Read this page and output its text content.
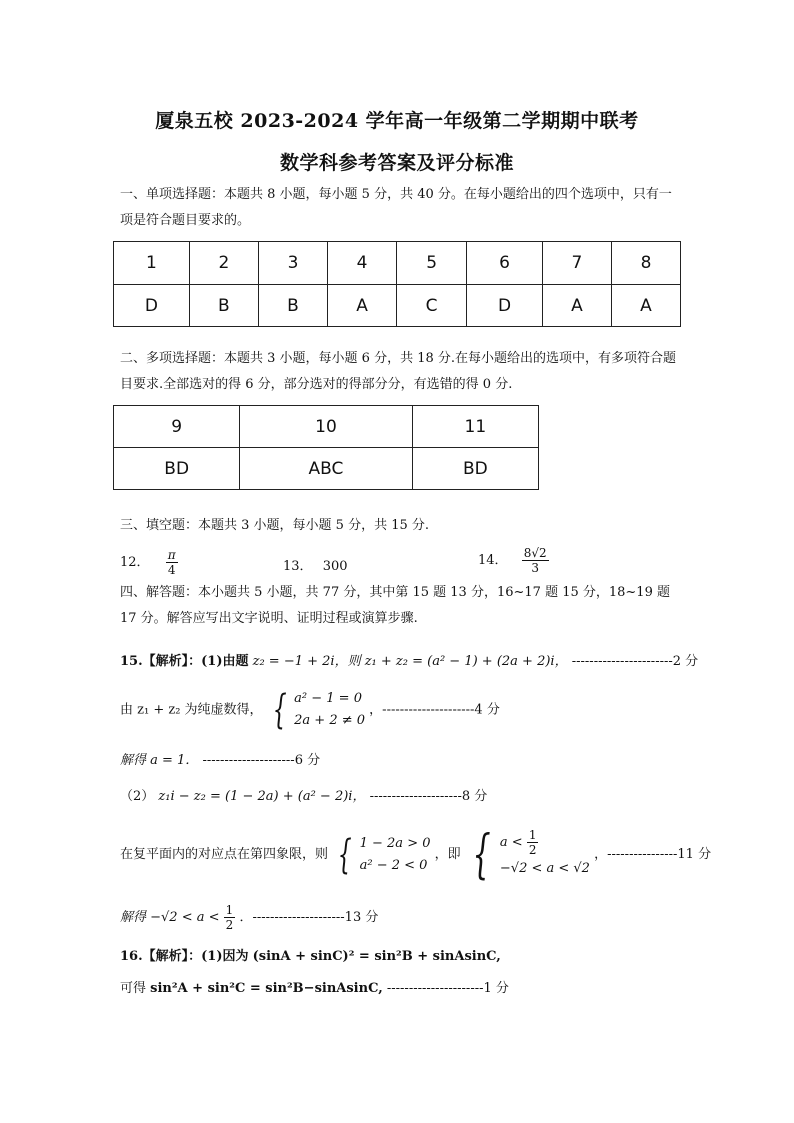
厦泉五校 2023-2024 学年高一年级第二学期期中联考
数学科参考答案及评分标准
一、单项选择题：本题共 8 小题，每小题 5 分，共 40 分。在每小题给出的四个选项中，只有一项是符合题目要求的。
1	2	3	4	5	6	7	8
D	B	B	A	C	D	A	A
二、多项选择题：本题共 3 小题，每小题 6 分，共 18 分.在每小题给出的选项中，有多项符合题目要求.全部选对的得 6 分，部分选对的得部分分，有选错的得 0 分.
9	10	11
BD	ABC	BD
三、填空题：本题共 3 小题，每小题 5 分，共 15 分.
12． $\frac{\pi}{4}$	13． 300	14． $\frac{8√2}{3}$
四、解答题：本小题共 5 小题，共 77 分，其中第 15 题 13 分，16~17 题 15 分，18~19 题 17 分。解答应写出文字说明、证明过程或演算步骤.
15.【解析】：(1)由题 z₂ = −1 + 2i，则 z₁ + z₂ = (a² − 1) + (2a + 2)i， -----------------------2 分
由 z₁ + z₂ 为纯虚数得， { a² − 1 = 0
2a + 2 ≠ 0
，---------------------4 分
解得 a = 1． ---------------------6 分
（2） z₁i − z₂ = (1 − 2a) + (a² − 2)i， ---------------------8 分
在复平面内的对应点在第四象限，则 { 1 − 2a > 0
a² − 2 < 0
，即 { $a < \frac{1}{2}$
−√2 < a < √2
，----------------11 分
解得 $-√2 < a < \frac{1}{2}$ ．---------------------13 分
16.【解析】：(1)因为 (sinA + sinC)² = sin²B + sinAsinC,
可得 sin²A + sin²C = sin²B−sinAsinC, ----------------------1 分
